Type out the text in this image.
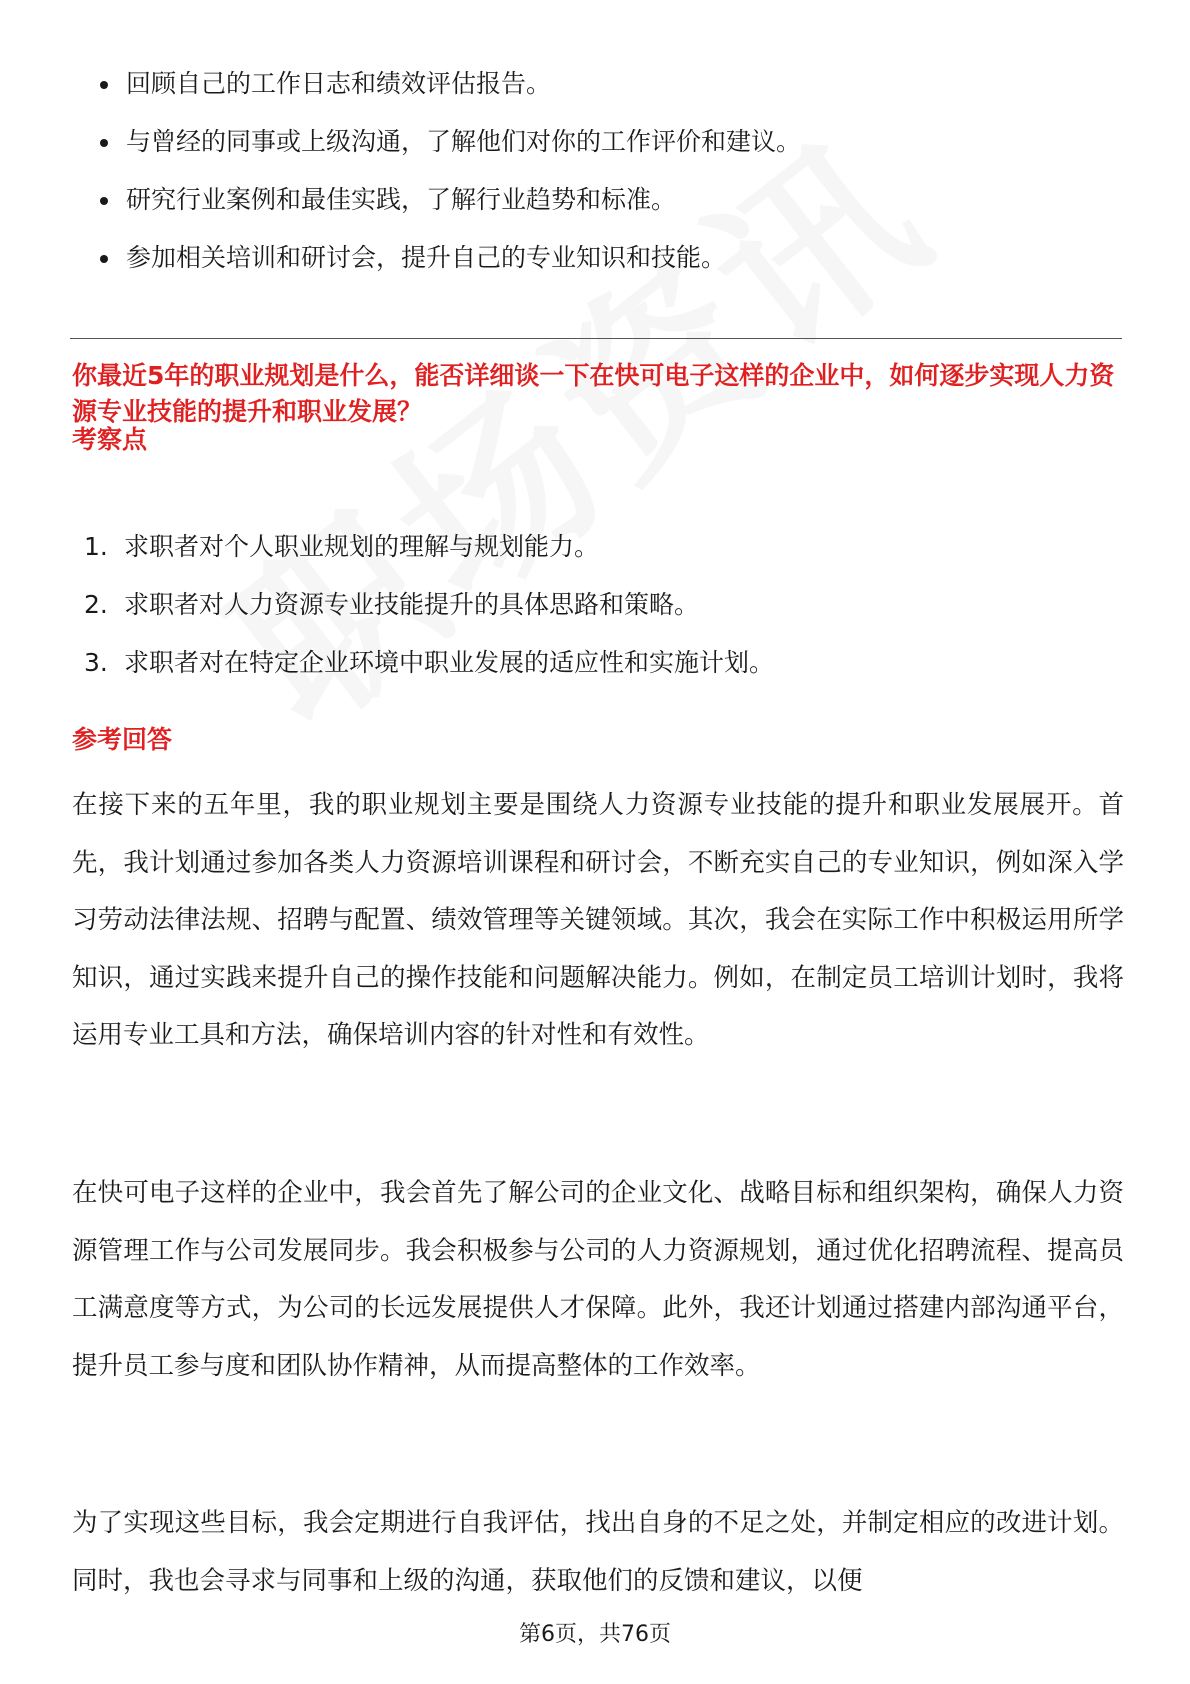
回顾自己的工作日志和绩效评估报告。
与曾经的同事或上级沟通，了解他们对你的工作评价和建议。
研究行业案例和最佳实践，了解行业趋势和标准。
参加相关培训和研讨会，提升自己的专业知识和技能。
你最近5年的职业规划是什么，能否详细谈一下在快可电子这样的企业中，如何逐步实现人力资源专业技能的提升和职业发展？
考察点
1. 求职者对个人职业规划的理解与规划能力。
2. 求职者对人力资源专业技能提升的具体思路和策略。
3. 求职者对在特定企业环境中职业发展的适应性和实施计划。
参考回答

在接下来的五年里，我的职业规划主要是围绕人力资源专业技能的提升和职业发展展开。首先，我计划通过参加各类人力资源培训课程和研讨会，不断充实自己的专业知识，例如深入学习劳动法律法规、招聘与配置、绩效管理等关键领域。其次，我会在实际工作中积极运用所学知识，通过实践来提升自己的操作技能和问题解决能力。例如，在制定员工培训计划时，我将运用专业工具和方法，确保培训内容的针对性和有效性。

在快可电子这样的企业中，我会首先了解公司的企业文化、战略目标和组织架构，确保人力资源管理工作与公司发展同步。我会积极参与公司的人力资源规划，通过优化招聘流程、提高员工满意度等方式，为公司的长远发展提供人才保障。此外，我还计划通过搭建内部沟通平台，提升员工参与度和团队协作精神，从而提高整体的工作效率。

为了实现这些目标，我会定期进行自我评估，找出自身的不足之处，并制定相应的改进计划。同时，我也会寻求与同事和上级的沟通，获取他们的反馈和建议，以便

第6页，共76页
